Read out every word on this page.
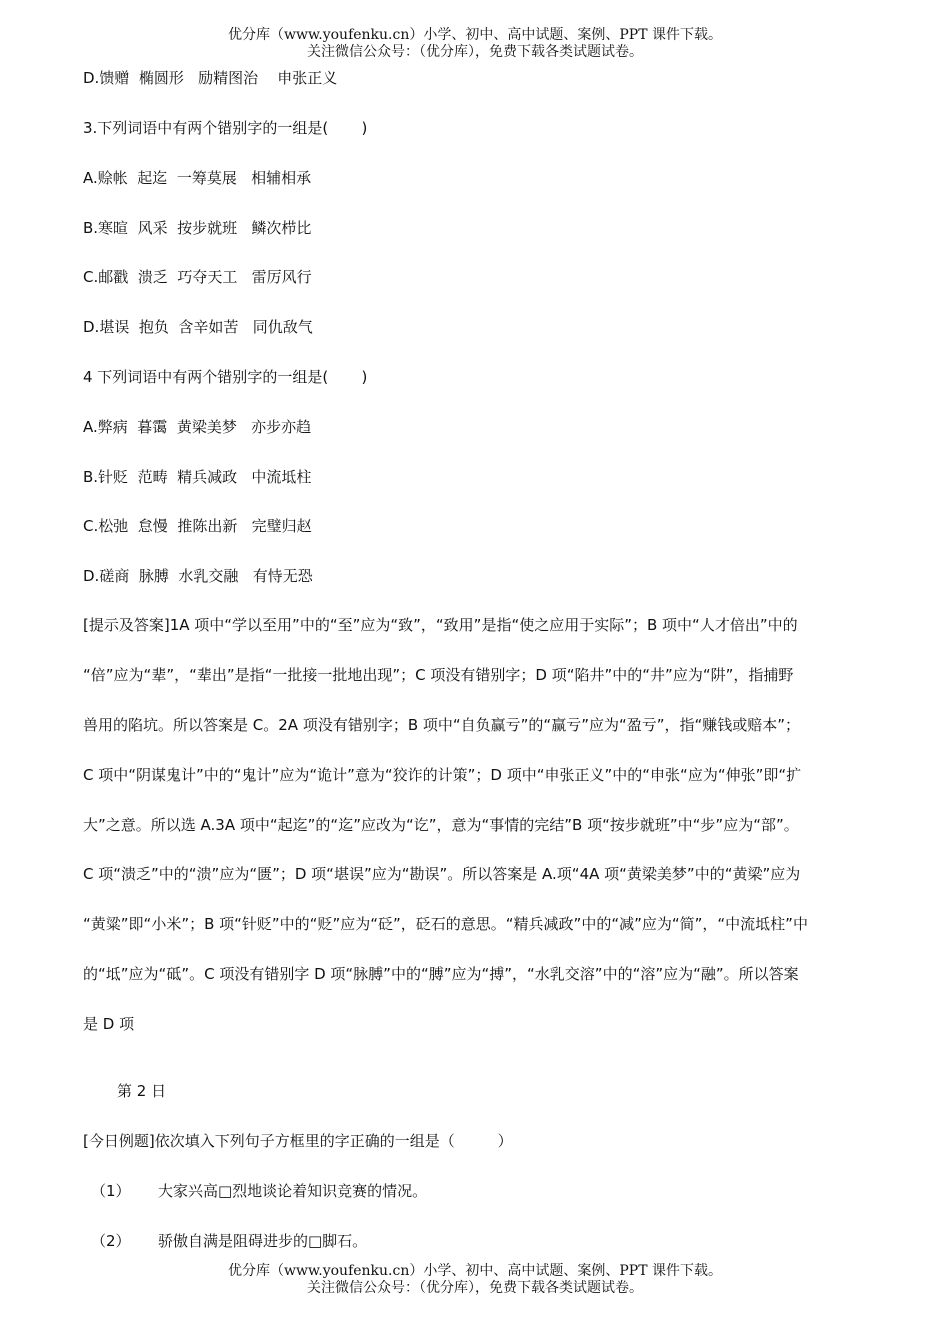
优分库（www.youfenku.cn）小学、初中、高中试题、案例、PPT 课件下载。
关注微信公众号：（优分库），免费下载各类试题试卷。
D.馈赠  椭圆形   励精图治    申张正义
3.下列词语中有两个错别字的一组是(       )
A.赊帐  起迄  一筹莫展   相辅相承
B.寒暄  风采  按步就班   鳞次栉比
C.邮戳  溃乏  巧夺天工   雷厉风行
D.堪误  抱负  含辛如苦   同仇敌气
4 下列词语中有两个错别字的一组是(       )
A.弊病  暮霭  黄梁美梦   亦步亦趋
B.针贬  范畴  精兵减政   中流坻柱
C.松弛  怠慢  推陈出新   完璧归赵
D.磋商  脉膊  水乳交融   有恃无恐
[提示及答案]1A 项中“学以至用”中的“至”应为“致”，“致用”是指“使之应用于实际”；B 项中“人才倍出”中的
“倍”应为“辈”，“辈出”是指“一批接一批地出现”；C 项没有错别字；D 项“陷井”中的“井”应为“阱”，指捕野
兽用的陷坑。所以答案是 C。2A 项没有错别字；B 项中“自负赢亏”的“赢亏”应为“盈亏”，指“赚钱或赔本”；
C 项中“阴谋鬼计”中的“鬼计”应为“诡计”意为“狡诈的计策”；D 项中“申张正义”中的“申张“应为“伸张”即“扩
大”之意。所以选 A.3A 项中“起迄”的“迄”应改为“讫”，意为“事情的完结”B 项“按步就班”中“步”应为“部”。
C 项“溃乏”中的“溃”应为“匮”；D 项“堪误”应为“勘误”。所以答案是 A.项“4A 项“黄梁美梦”中的“黄梁”应为
“黄粱”即“小米”；B 项“针贬”中的“贬”应为“砭”，砭石的意思。“精兵减政”中的“减”应为“简”，“中流坻柱”中
的“坻”应为“砥”。C 项没有错别字 D 项“脉膊”中的“膊”应为“搏”，“水乳交溶”中的“溶”应为“融”。所以答案
是 D 项
第 2 日
[今日例题]依次填入下列句子方框里的字正确的一组是（         ）
（1） 大家兴高□烈地谈论着知识竞赛的情况。
（2） 骄傲自满是阻碍进步的□脚石。
优分库（www.youfenku.cn）小学、初中、高中试题、案例、PPT 课件下载。
关注微信公众号：（优分库），免费下载各类试题试卷。
